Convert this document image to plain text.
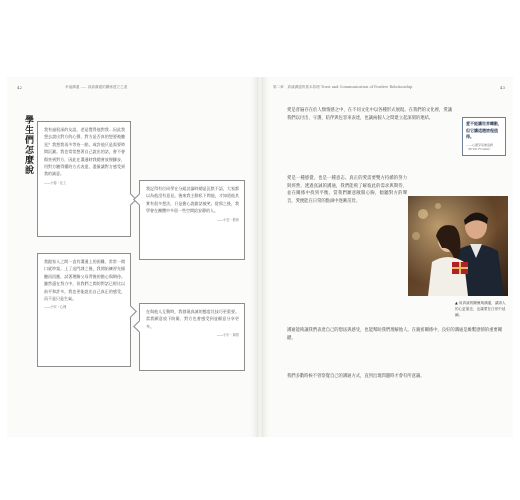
42	幸福溝通 ⸺ 真誠溝通的關係建立之道
學生們怎麼說	我有過很深的友誼，老是覺得他對我…因此我想去說出對方的心聲，對方是否真的想要被聽見？我想我再多等待一點，或許他只是需要時間沉澱。我也常常想著自己說出的話，會不會傷害到對方，因此在溝通時我總會放慢腳步，用對方聽得懂的方式表達，盡量讓對方感受到我的誠意。
——小春・社工
我記得有位同學在分組討論時總是沉默不語，大家都以為他沒有意見。後來我主動私下問他，才知道他其實有很多想法，只是擔心說錯話被笑。從那之後，我學會在團體中多留一些空間給安靜的人。
——小芸・教育
我跟家人之間一直有溝通上的困難，常常一開口就吵架。上了這門課之後，我開始練習先傾聽再回應，試著理解父母背後的擔心與期待。雖然還在努力中，但我們之間的對話已經比以前平和許多，我也更能說出自己真正的感受，而不是只是生氣。
——小安・心理
在與他人互動時，我發現真誠的態度比技巧更重要。當我願意放下防衛，對方也會感受到並願意分享更多。
——小宇・商管
第二章　真誠溝通的基本原理 Trust and Communication of Positive Relationship	43
愛是普遍存在於人類情感之中，在不同文化中以各種形式展現。在我們的文化裡，愛讓我們以付出、守護、陪伴與包容來表達，也讓兩個人之間建立起深刻的連結。
愛是一種感覺，也是一種意志。真正的愛需要雙方持續的努力與經營，透過真誠的溝通，我們能夠了解彼此的需求與期待，並在關係中找到平衡。當我們願意敞開心胸，傾聽對方的聲音，愛便能在日常的點滴中逐漸茁壯。
溝通能夠讓我們表達自己的想法與感受，也能幫助我們理解他人。在親密關係中，良好的溝通是維繫感情的重要關鍵。
我們多數時候不曾察覺自己的溝通方式，直到出現問題時才會有所意識。
愛不能讓世界轉動，但它讓這趟旅程值得。
——心理學家佛洛姆（Erich Fromm）
▲ 用真誠的關懷與溝通，讓兩人的心更靠近，也讓愛在日常中延續。
